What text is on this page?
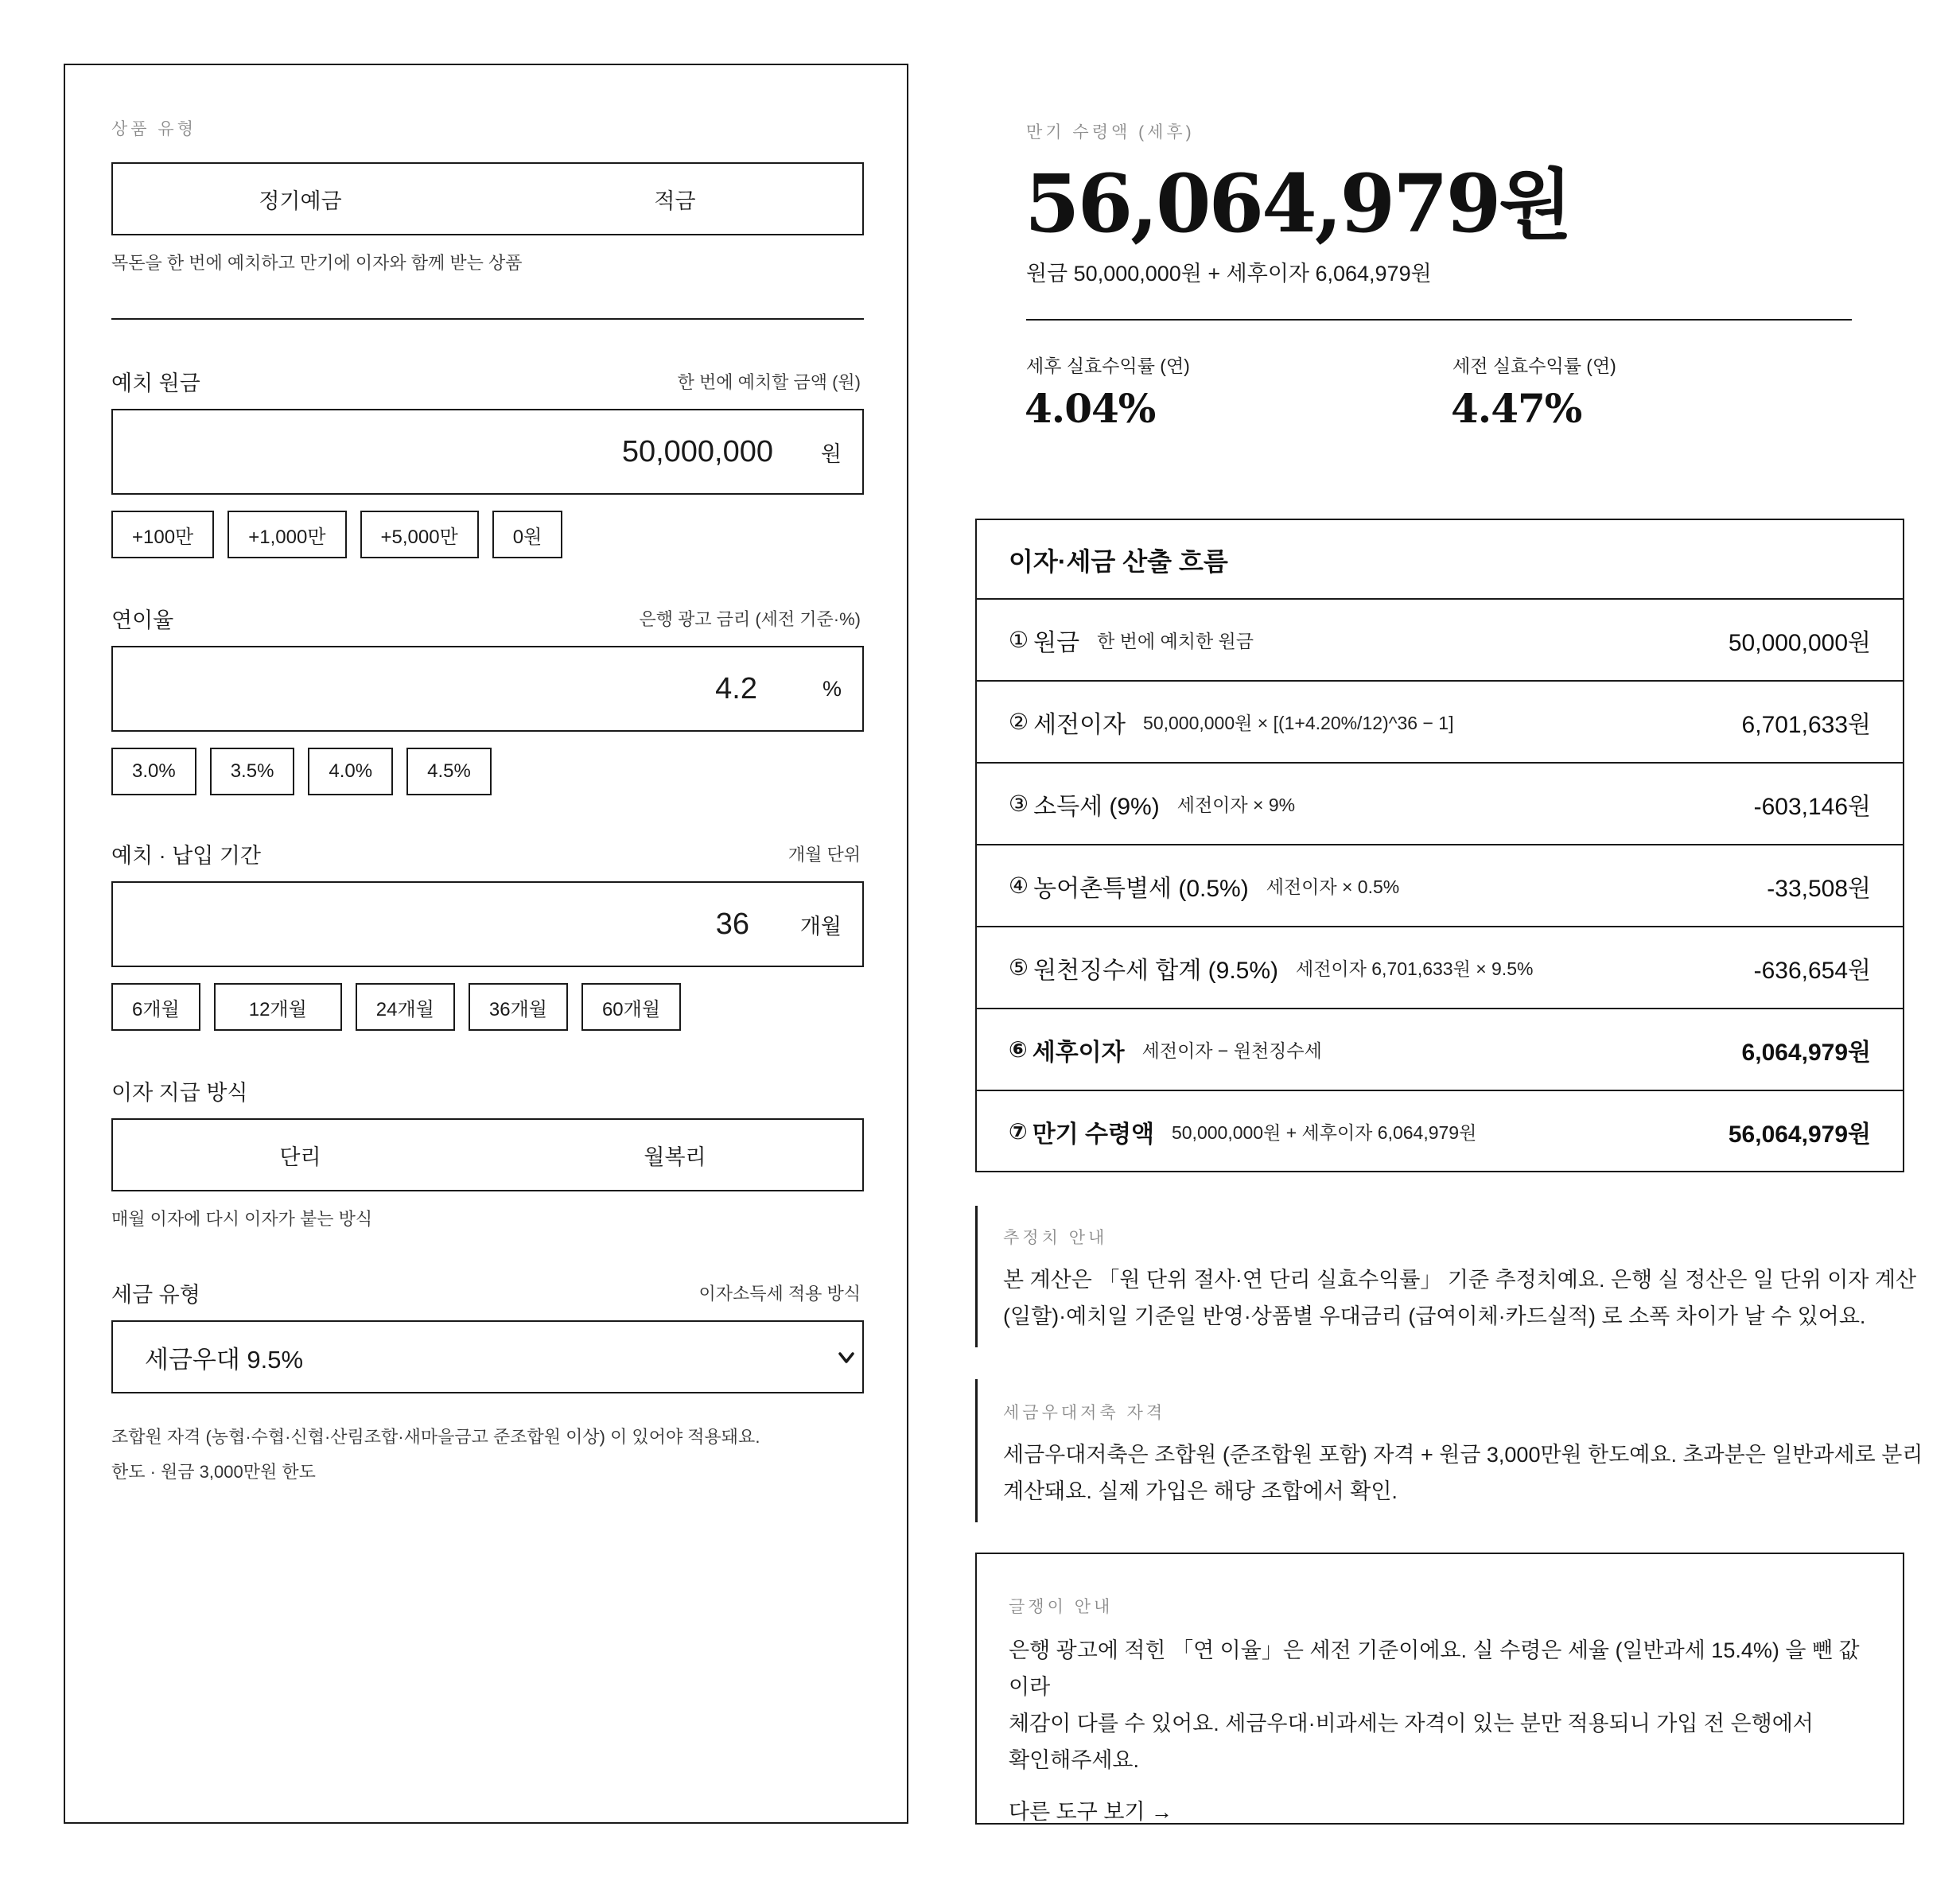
상품 유형
정기예금	적금
목돈을 한 번에 예치하고 만기에 이자와 함께 받는 상품
예치 원금	한 번에 예치할 금액 (원)
50,000,000
원
+100만	+1,000만	+5,000만	0원
연이율	은행 광고 금리 (세전 기준·%)
4.2
%
3.0%	3.5%	4.0%	4.5%
예치 · 납입 기간	개월 단위
36
개월
6개월	12개월	24개월	36개월	60개월
이자 지급 방식
단리	월복리
매월 이자에 다시 이자가 붙는 방식
세금 유형	이자소득세 적용 방식
세금우대 9.5%
조합원 자격 (농협·수협·신협·산림조합·새마을금고 준조합원 이상) 이 있어야 적용돼요.
한도 · 원금 3,000만원 한도
만기 수령액 (세후)
56,064,979원
원금 50,000,000원 + 세후이자 6,064,979원
세후 실효수익률 (연)
4.04%
세전 실효수익률 (연)
4.47%
이자·세금 산출 흐름
① 원금 한 번에 예치한 원금	50,000,000원
② 세전이자 50,000,000원 × [(1+4.20%/12)^36 − 1]	6,701,633원
③ 소득세 (9%) 세전이자 × 9%	-603,146원
④ 농어촌특별세 (0.5%) 세전이자 × 0.5%	-33,508원
⑤ 원천징수세 합계 (9.5%) 세전이자 6,701,633원 × 9.5%	-636,654원
⑥ 세후이자 세전이자 − 원천징수세	6,064,979원
⑦ 만기 수령액 50,000,000원 + 세후이자 6,064,979원	56,064,979원
추정치 안내
본 계산은 「원 단위 절사·연 단리 실효수익률」 기준 추정치예요. 은행 실 정산은 일 단위 이자 계산
(일할)·예치일 기준일 반영·상품별 우대금리 (급여이체·카드실적) 로 소폭 차이가 날 수 있어요.
세금우대저축 자격
세금우대저축은 조합원 (준조합원 포함) 자격 + 원금 3,000만원 한도예요. 초과분은 일반과세로 분리
계산돼요. 실제 가입은 해당 조합에서 확인.
글쟁이 안내
은행 광고에 적힌 「연 이율」은 세전 기준이에요. 실 수령은 세율 (일반과세 15.4%) 을 뺀 값이라
체감이 다를 수 있어요. 세금우대·비과세는 자격이 있는 분만 적용되니 가입 전 은행에서
확인해주세요.
다른 도구 보기 →
